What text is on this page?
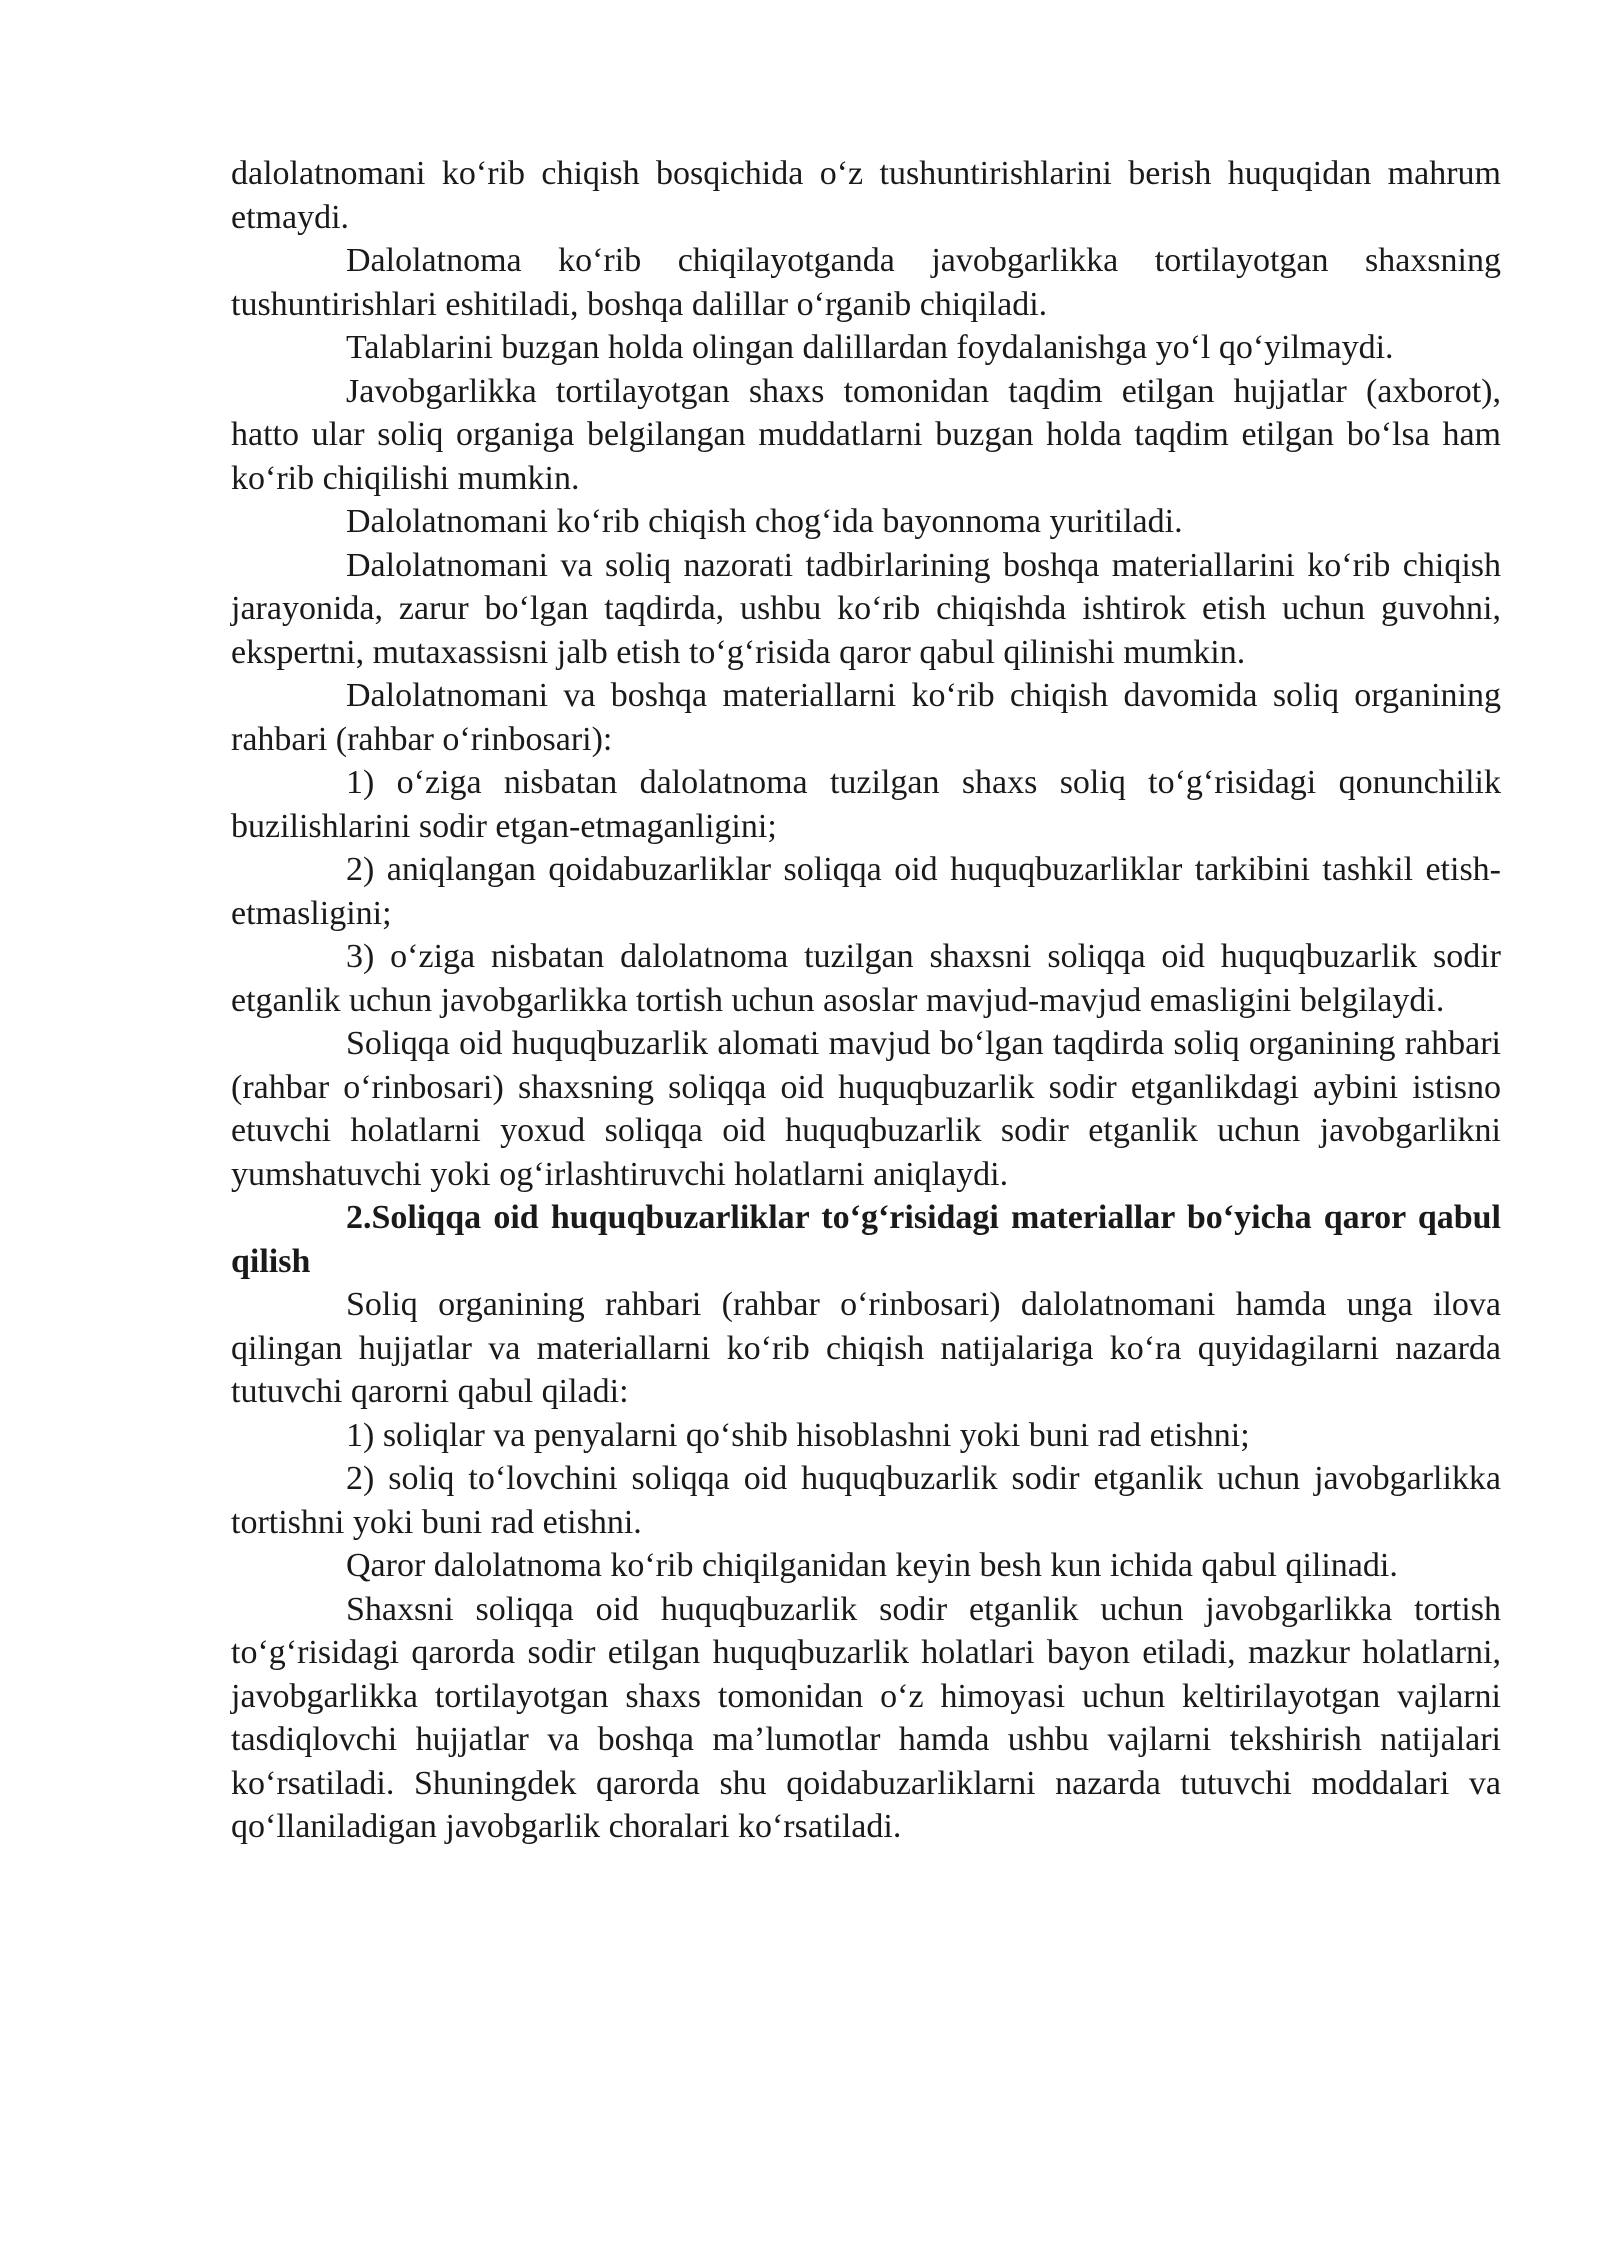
dalolatnomani koʻrib chiqish bosqichida oʻz tushuntirishlarini berish huquqidan mahrum etmaydi.

Dalolatnoma koʻrib chiqilayotganda javobgarlikka tortilayotgan shaxsning tushuntirishlari eshitiladi, boshqa dalillar oʻrganib chiqiladi.

Talablarini buzgan holda olingan dalillardan foydalanishga yoʻl qoʻyilmaydi.

Javobgarlikka tortilayotgan shaxs tomonidan taqdim etilgan hujjatlar (axborot), hatto ular soliq organiga belgilangan muddatlarni buzgan holda taqdim etilgan boʻlsa ham koʻrib chiqilishi mumkin.

Dalolatnomani koʻrib chiqish chogʻida bayonnoma yuritiladi.

Dalolatnomani va soliq nazorati tadbirlarining boshqa materiallarini koʻrib chiqish jarayonida, zarur boʻlgan taqdirda, ushbu koʻrib chiqishda ishtirok etish uchun guvohni, ekspertni, mutaxassisni jalb etish toʻgʻrisida qaror qabul qilinishi mumkin.

Dalolatnomani va boshqa materiallarni koʻrib chiqish davomida soliq organining rahbari (rahbar oʻrinbosari):

1) oʻziga nisbatan dalolatnoma tuzilgan shaxs soliq toʻgʻrisidagi qonunchilik buzilishlarini sodir etgan-etmaganligini;

2) aniqlangan qoidabuzarliklar soliqqa oid huquqbuzarliklar tarkibini tashkil etish-etmasligini;

3) oʻziga nisbatan dalolatnoma tuzilgan shaxsni soliqqa oid huquqbuzarlik sodir etganlik uchun javobgarlikka tortish uchun asoslar mavjud-mavjud emasligini belgilaydi.

Soliqqa oid huquqbuzarlik alomati mavjud boʻlgan taqdirda soliq organining rahbari (rahbar oʻrinbosari) shaxsning soliqqa oid huquqbuzarlik sodir etganlikdagi aybini istisno etuvchi holatlarni yoxud soliqqa oid huquqbuzarlik sodir etganlik uchun javobgarlikni yumshatuvchi yoki ogʻirlashtiruvchi holatlarni aniqlaydi.

2.Soliqqa oid huquqbuzarliklar toʻgʻrisidagi materiallar boʻyicha qaror qabul qilish

Soliq organining rahbari (rahbar oʻrinbosari) dalolatnomani hamda unga ilova qilingan hujjatlar va materiallarni koʻrib chiqish natijalariga koʻra quyidagilarni nazarda tutuvchi qarorni qabul qiladi:

1) soliqlar va penyalarni qoʻshib hisoblashni yoki buni rad etishni;

2) soliq toʻlovchini soliqqa oid huquqbuzarlik sodir etganlik uchun javobgarlikka tortishni yoki buni rad etishni.

Qaror dalolatnoma koʻrib chiqilganidan keyin besh kun ichida qabul qilinadi.

Shaxsni soliqqa oid huquqbuzarlik sodir etganlik uchun javobgarlikka tortish toʻgʻrisidagi qarorda sodir etilgan huquqbuzarlik holatlari bayon etiladi, mazkur holatlarni, javobgarlikka tortilayotgan shaxs tomonidan oʻz himoyasi uchun keltirilayotgan vajlarni tasdiqlovchi hujjatlar va boshqa maʼlumotlar hamda ushbu vajlarni tekshirish natijalari koʻrsatiladi. Shuningdek qarorda shu qoidabuzarliklarni nazarda tutuvchi moddalari va qoʻllaniladigan javobgarlik choralari koʻrsatiladi.
